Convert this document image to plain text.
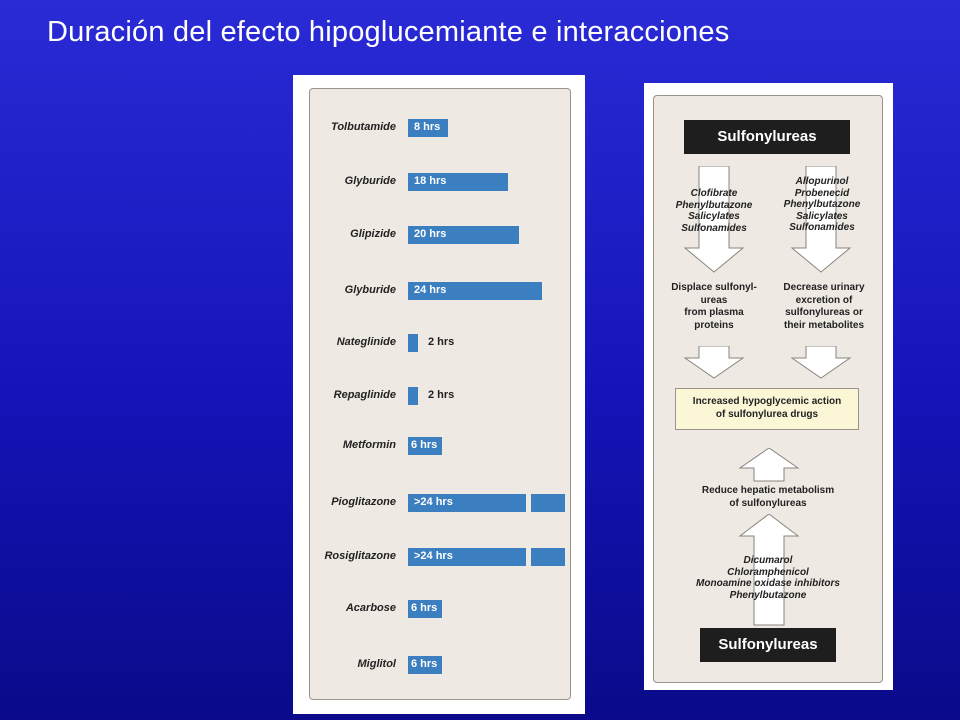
Duración del efecto hipoglucemiante e interacciones
Tolbutamide 8 hrs
Glyburide 18 hrs
Glipizide 20 hrs
Glyburide 24 hrs
Nateglinide	2 hrs
Repaglinide	2 hrs
Metformin 6 hrs
Pioglitazone >24 hrs
Rosiglitazone >24 hrs
Acarbose 6 hrs
Miglitol 6 hrs
Sulfonylureas
Clofibrate
Phenylbutazone
Salicylates
Sulfonamides
Allopurinol
Probenecid
Phenylbutazone
Salicylates
Sulfonamides
Displace sulfonyl-
ureas
from plasma
proteins
Decrease urinary
excretion of
sulfonylureas or
their metabolites
Increased hypoglycemic action
of sulfonylurea drugs
Reduce hepatic metabolism
of sulfonylureas
Dicumarol
Chloramphenicol
Monoamine oxidase inhibitors
Phenylbutazone
Sulfonylureas
